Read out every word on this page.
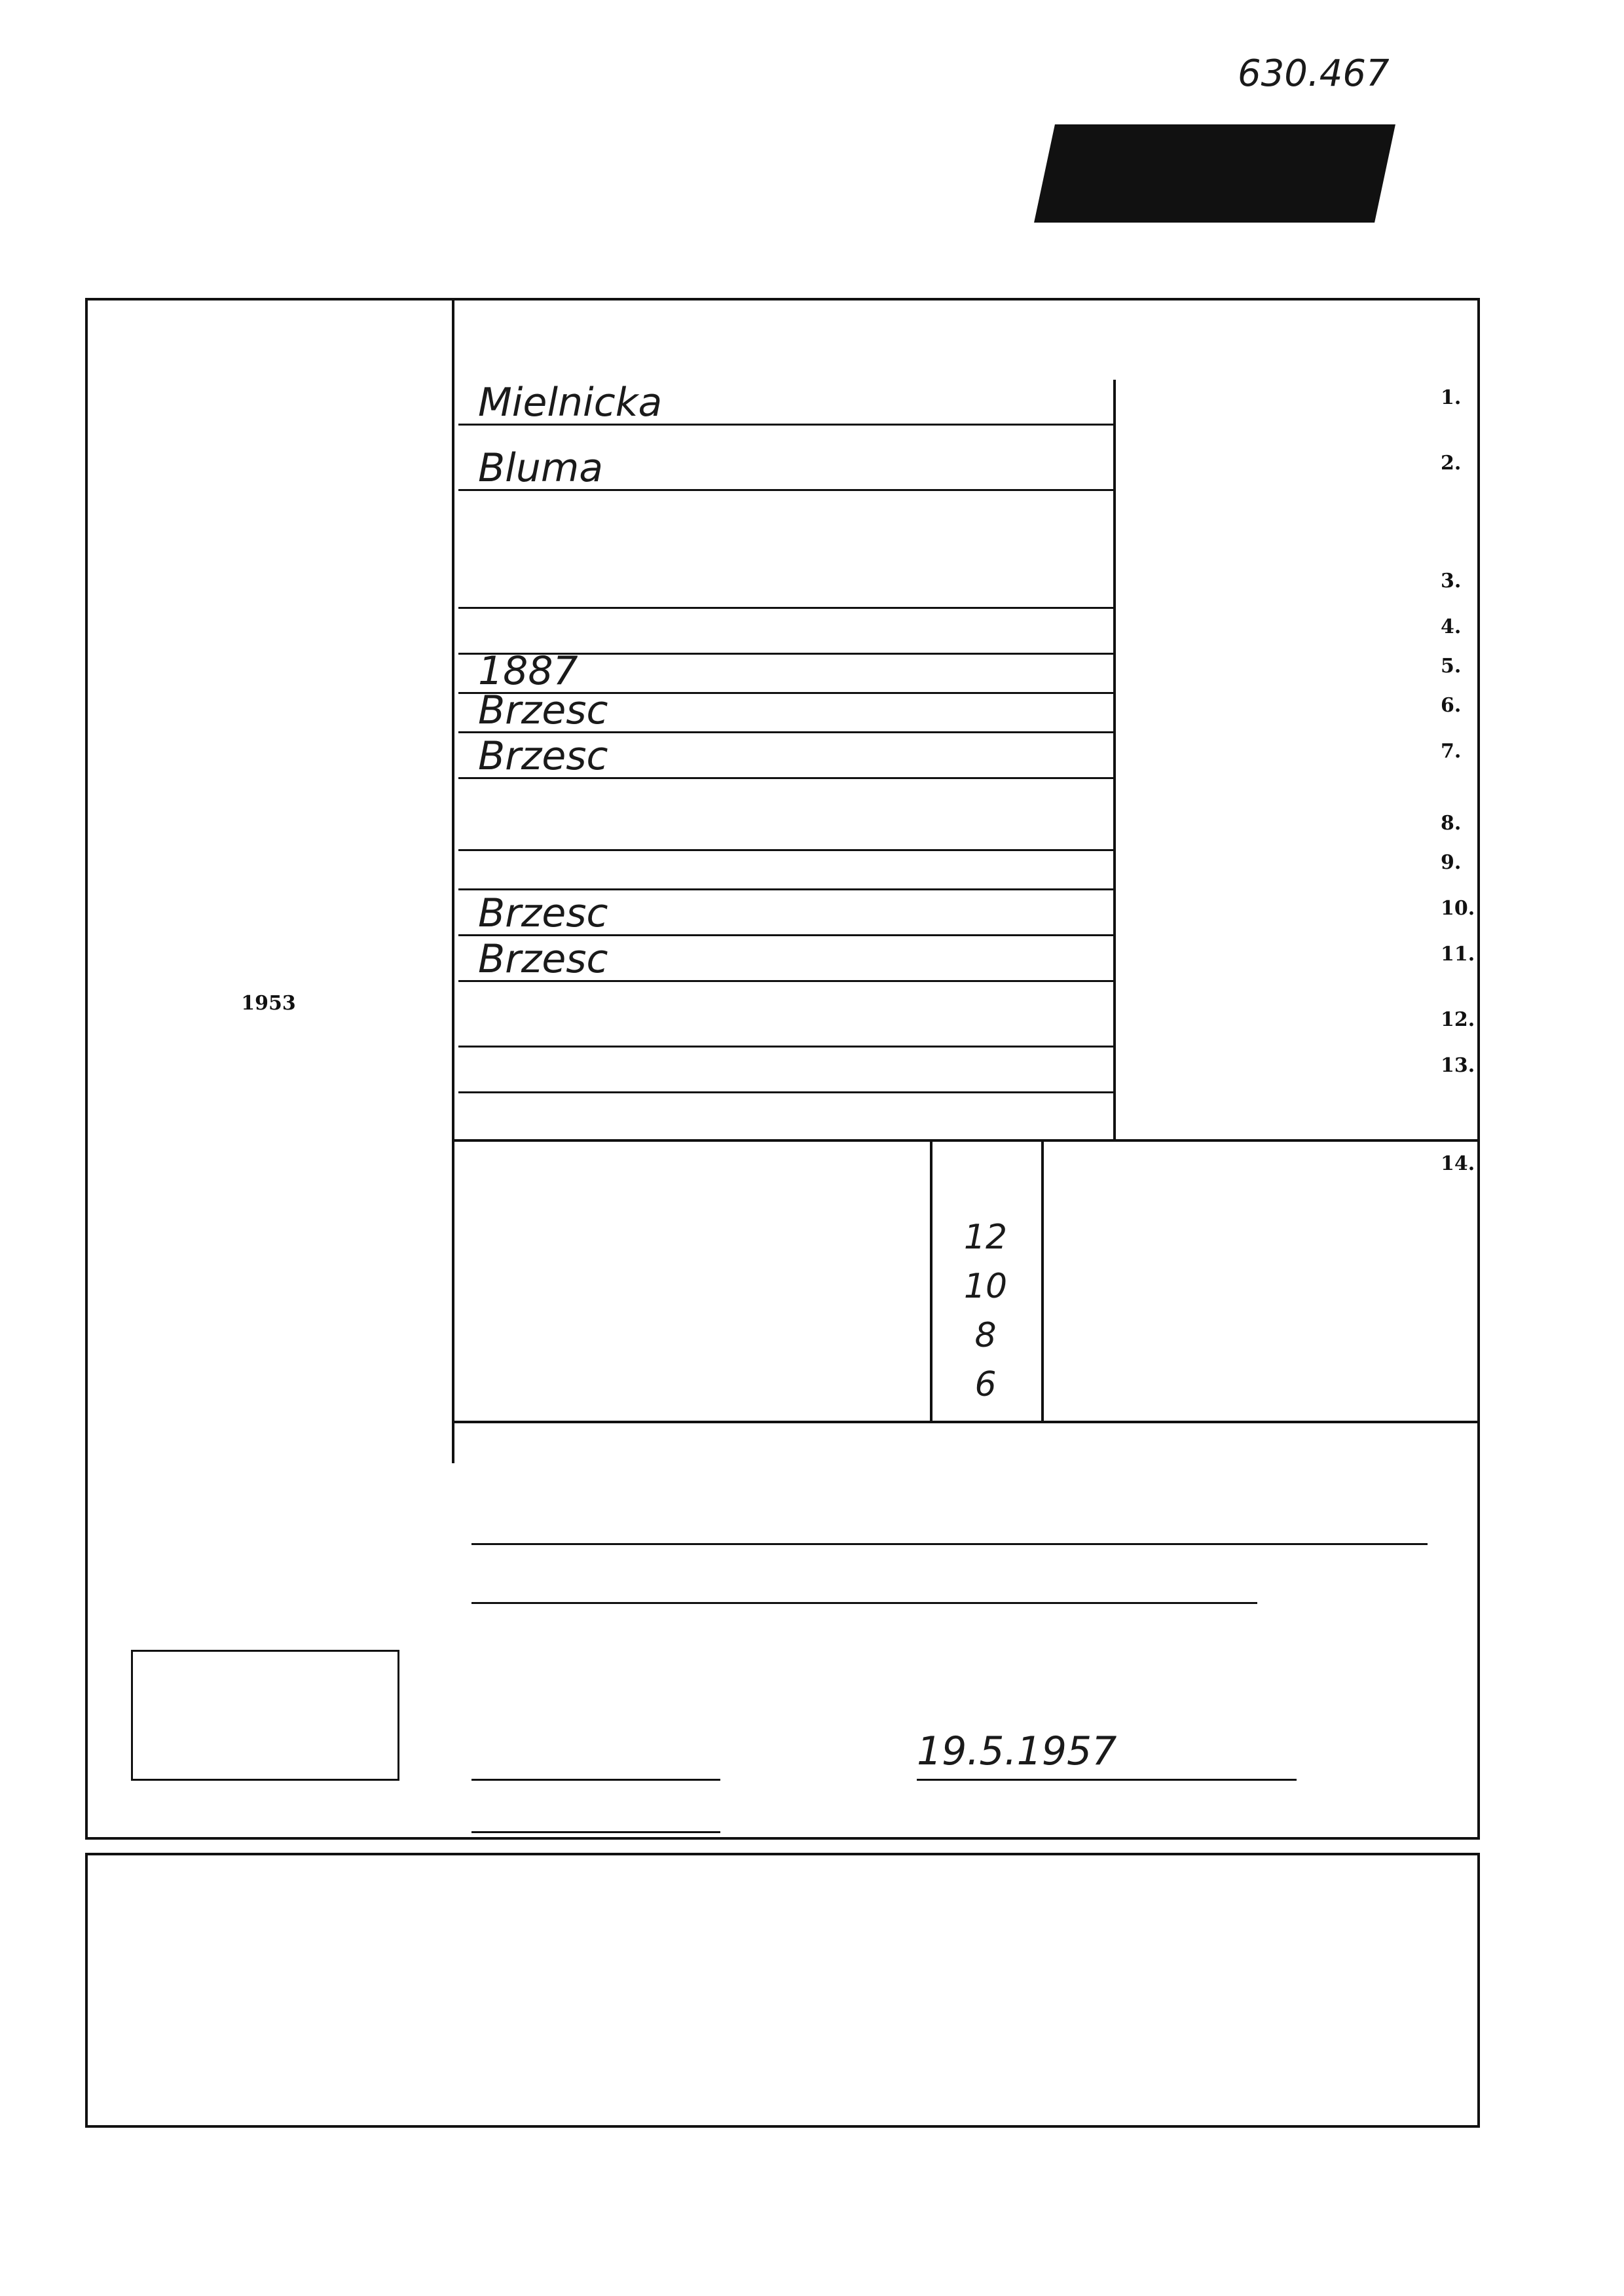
630.467
1953
1.
Mielnicka
2.
Bluma
3.
4.
5.
1887
6.
Brzesc
7.
Brzesc
8.
9.
10.
Brzesc
11.
Brzesc
12.
13.
14.
12
10
8
6
19.5.1957
